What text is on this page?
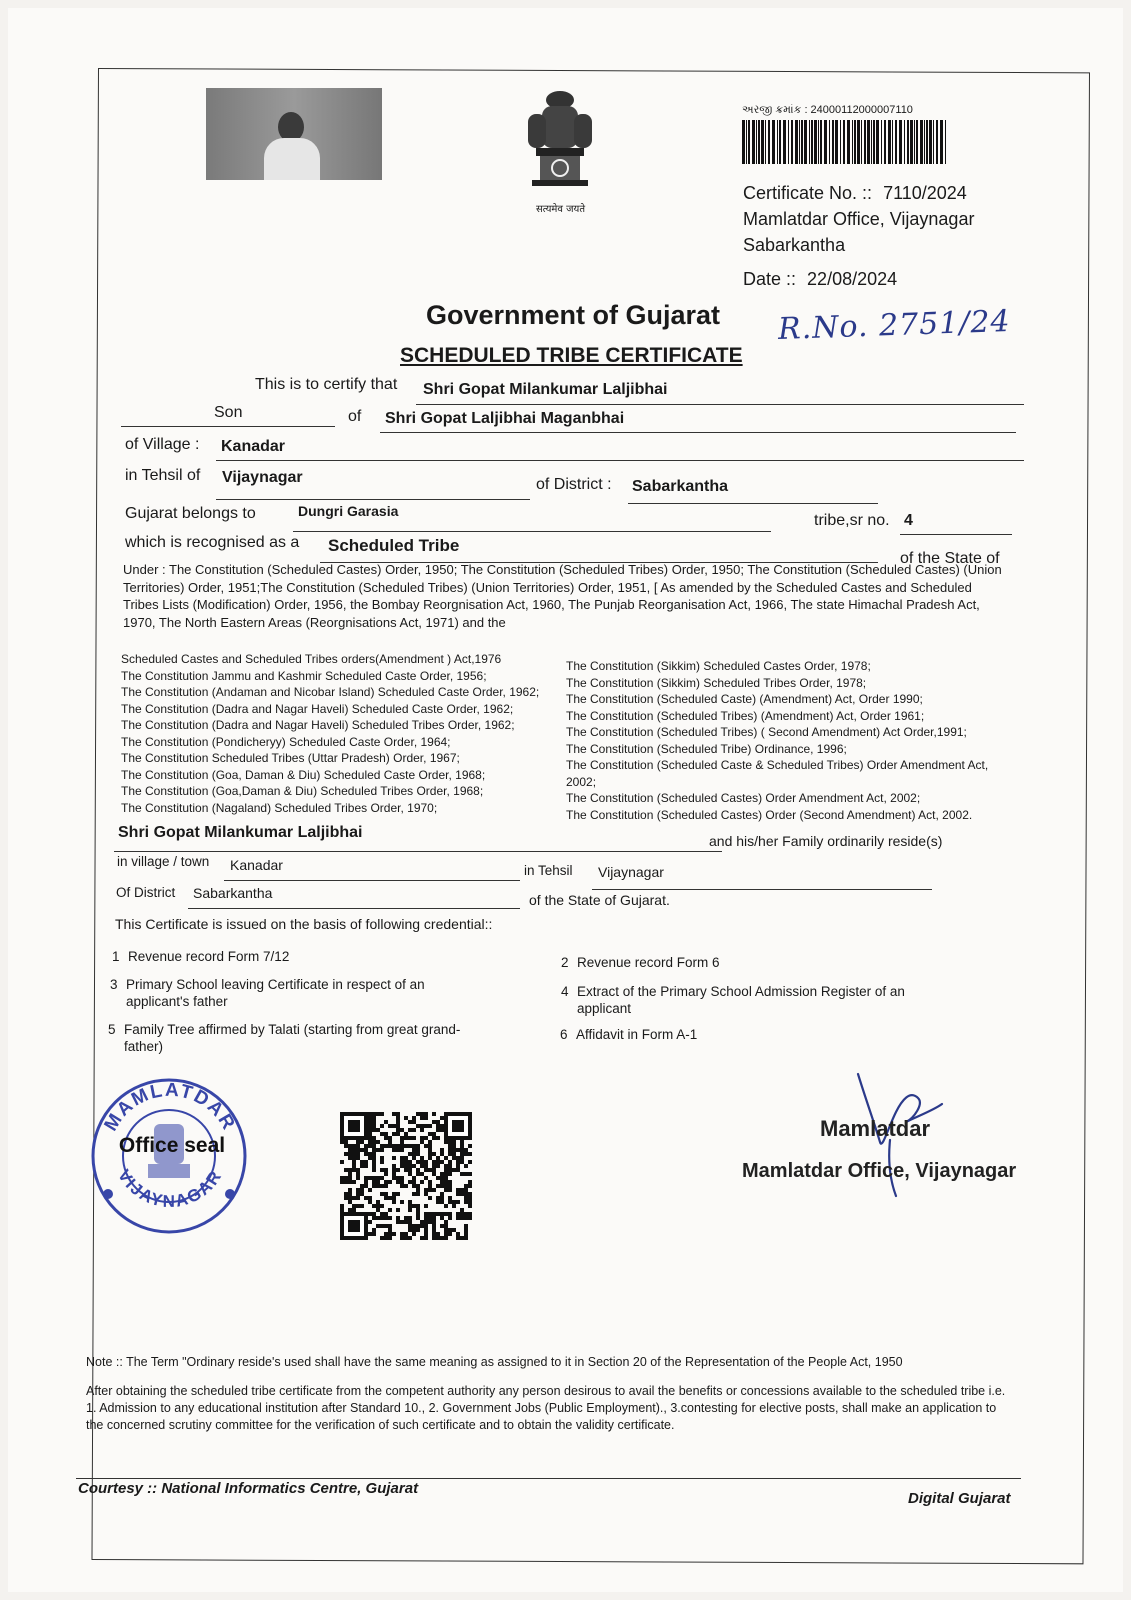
सत्यमेव जयते
અરજી ક્રમાંક : 24000112000007110
Certificate No. :: 7110/2024
Mamlatdar Office, Vijaynagar
Sabarkantha
Date :: 22/08/2024
R.No. 2751/24
Government of Gujarat
SCHEDULED TRIBE CERTIFICATE
This is to certify that Shri Gopat Milankumar Laljibhai
Son	of Shri Gopat Laljibhai Maganbhai
of Village : Kanadar
in Tehsil of Vijaynagar	of District : Sabarkantha
Gujarat belongs to	Dungri Garasia
tribe,sr no. 4
which is recognised as a Scheduled Tribe
of the State of
Under : The Constitution (Scheduled Castes) Order, 1950; The Constitution (Scheduled Tribes) Order, 1950; The Constitution (Scheduled Castes) (Union Territories) Order, 1951;The Constitution (Scheduled Tribes) (Union Territories) Order, 1951, [ As amended by the Scheduled Castes and Scheduled Tribes Lists (Modification) Order, 1956, the Bombay Reorgnisation Act, 1960, The Punjab Reorganisation Act, 1966, The state Himachal Pradesh Act, 1970, The North Eastern Areas (Reorgnisations Act, 1971) and the
Scheduled Castes and Scheduled Tribes orders(Amendment ) Act,1976
The Constitution Jammu and Kashmir Scheduled Caste Order, 1956;
The Constitution (Andaman and Nicobar Island) Scheduled Caste Order, 1962;
The Constitution (Dadra and Nagar Haveli) Scheduled Caste Order, 1962;
The Constitution (Dadra and Nagar Haveli) Scheduled Tribes Order, 1962;
The Constitution (Pondicheryy) Scheduled Caste Order, 1964;
The Constitution Scheduled Tribes (Uttar Pradesh) Order, 1967;
The Constitution (Goa, Daman & Diu) Scheduled Caste Order, 1968;
The Constitution (Goa,Daman & Diu) Scheduled Tribes Order, 1968;
The Constitution (Nagaland) Scheduled Tribes Order, 1970;
The Constitution (Sikkim) Scheduled Castes Order, 1978;
The Constitution (Sikkim) Scheduled Tribes Order, 1978;
The Constitution (Scheduled Caste) (Amendment) Act, Order 1990;
The Constitution (Scheduled Tribes) (Amendment) Act, Order 1961;
The Constitution (Scheduled Tribes) ( Second Amendment) Act Order,1991;
The Constitution (Scheduled Tribe) Ordinance, 1996;
The Constitution (Scheduled Caste & Scheduled Tribes) Order Amendment Act,
2002;
The Constitution (Scheduled Castes) Order Amendment Act, 2002;
The Constitution (Scheduled Castes) Order (Second Amendment) Act, 2002.
Shri Gopat Milankumar Laljibhai	and his/her Family ordinarily reside(s)
in village / town Kanadar	in Tehsil Vijaynagar
Of District Sabarkantha	of the State of Gujarat.
This Certificate is issued on the basis of following credential::
1 Revenue record Form 7/12	2 Revenue record Form 6
3 Primary School leaving Certificate in respect of an
applicant's father
4 Extract of the Primary School Admission Register of an
applicant
5 Family Tree affirmed by Talati (starting from great grand-
father)
6 Affidavit in Form A-1
MAMLATDAR
VIJAYNAGAR
Office seal
Mamlatdar
Mamlatdar Office, Vijaynagar
Note :: The Term "Ordinary reside's used shall have the same meaning as assigned to it in Section 20 of the Representation of the People Act, 1950
After obtaining the scheduled tribe certificate from the competent authority any person desirous to avail the benefits or concessions available to the scheduled tribe i.e. 1. Admission to any educational institution after Standard 10., 2. Government Jobs (Public Employment)., 3.contesting for elective posts, shall make an application to the concerned scrutiny committee for the verification of such certificate and to obtain the validity certificate.
Courtesy :: National Informatics Centre, Gujarat
Digital Gujarat
